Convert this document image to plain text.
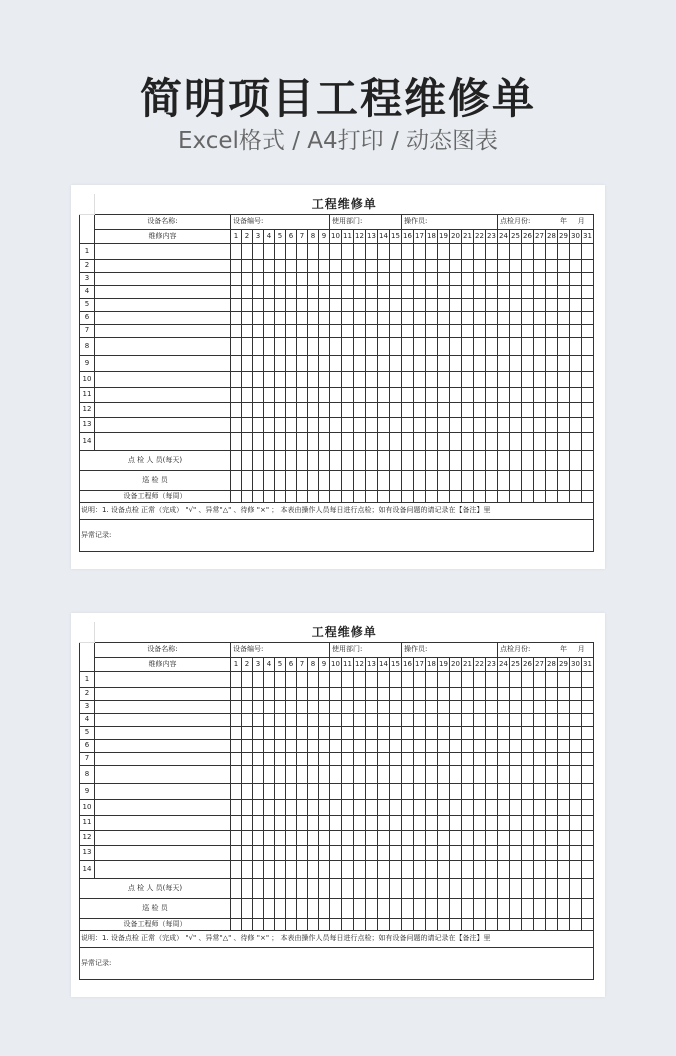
简明项目工程维修单
Excel格式 / A4打印 / 动态图表
	工程维修单																															
	设备名称:	设备编号:									使用部门:						操作员:								点检月份:					年	月	
	维修内容	1	2	3	4	5	6	7	8	9	10	11	12	13	14	15	16	17	18	19	20	21	22	23	24	25	26	27	28	29	30	31
1																																
2																																
3																																
4																																
5																																
6																																
7																																
8																																
9																																
10																																
11																																
12																																
13																																
14																																
点 检 人 员(每天)																																
巡 检 员																																
设备工程师（每周）																																
说明：1. 设备点检 正常（完成） "√" 、异常"△" 、待修 "×" ； 本表由操作人员每日进行点检；如有设备问题的请记录在【备注】里																																
异常记录:																																
	工程维修单																															
	设备名称:	设备编号:									使用部门:						操作员:								点检月份:					年	月	
	维修内容	1	2	3	4	5	6	7	8	9	10	11	12	13	14	15	16	17	18	19	20	21	22	23	24	25	26	27	28	29	30	31
1																																
2																																
3																																
4																																
5																																
6																																
7																																
8																																
9																																
10																																
11																																
12																																
13																																
14																																
点 检 人 员(每天)																																
巡 检 员																																
设备工程师（每周）																																
说明：1. 设备点检 正常（完成） "√" 、异常"△" 、待修 "×" ； 本表由操作人员每日进行点检；如有设备问题的请记录在【备注】里																																
异常记录:																																
